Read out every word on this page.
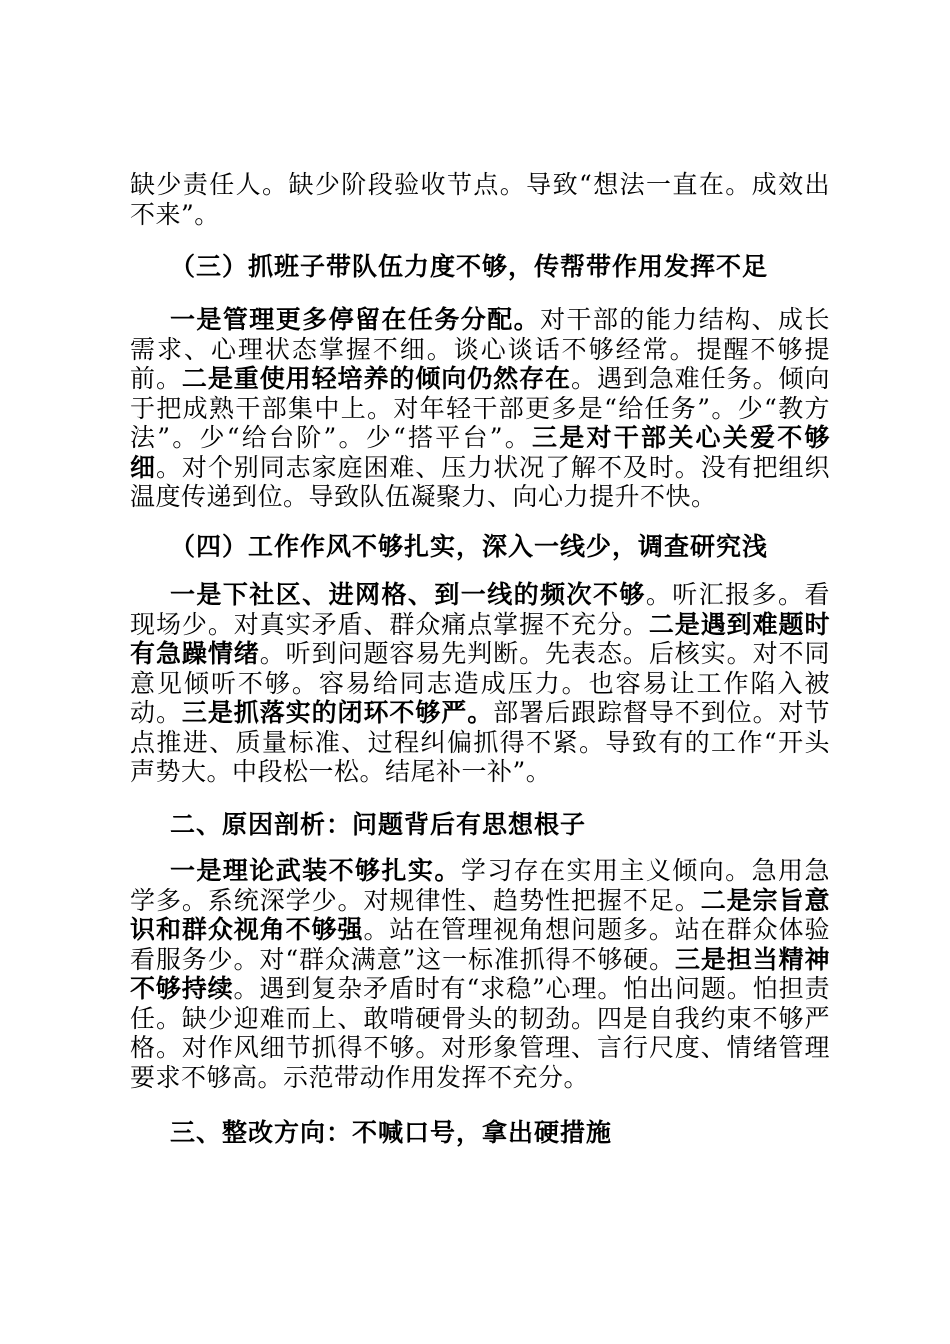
缺少责任人。缺少阶段验收节点。导致“想法一直在。成效出不来”。
（三）抓班子带队伍力度不够，传帮带作用发挥不足
一是管理更多停留在任务分配。对干部的能力结构、成长需求、心理状态掌握不细。谈心谈话不够经常。提醒不够提前。二是重使用轻培养的倾向仍然存在。遇到急难任务。倾向于把成熟干部集中上。对年轻干部更多是“给任务”。少“教方法”。少“给台阶”。少“搭平台”。三是对干部关心关爱不够细。对个别同志家庭困难、压力状况了解不及时。没有把组织温度传递到位。导致队伍凝聚力、向心力提升不快。
（四）工作作风不够扎实，深入一线少，调查研究浅
一是下社区、进网格、到一线的频次不够。听汇报多。看现场少。对真实矛盾、群众痛点掌握不充分。二是遇到难题时有急躁情绪。听到问题容易先判断。先表态。后核实。对不同意见倾听不够。容易给同志造成压力。也容易让工作陷入被动。三是抓落实的闭环不够严。部署后跟踪督导不到位。对节点推进、质量标准、过程纠偏抓得不紧。导致有的工作“开头声势大。中段松一松。结尾补一补”。
二、原因剖析：问题背后有思想根子
一是理论武装不够扎实。学习存在实用主义倾向。急用急学多。系统深学少。对规律性、趋势性把握不足。二是宗旨意识和群众视角不够强。站在管理视角想问题多。站在群众体验看服务少。对“群众满意”这一标准抓得不够硬。三是担当精神不够持续。遇到复杂矛盾时有“求稳”心理。怕出问题。怕担责任。缺少迎难而上、敢啃硬骨头的韧劲。四是自我约束不够严格。对作风细节抓得不够。对形象管理、言行尺度、情绪管理要求不够高。示范带动作用发挥不充分。
三、整改方向：不喊口号，拿出硬措施
